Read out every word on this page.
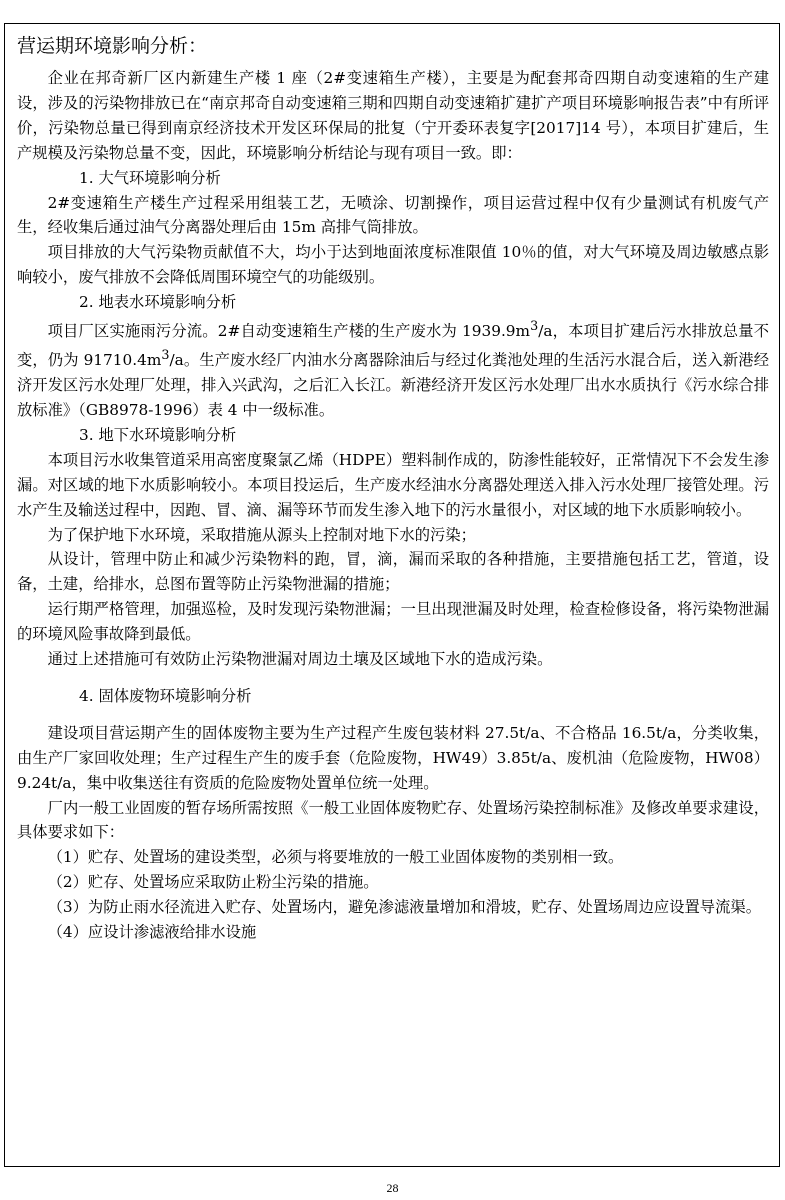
营运期环境影响分析：

企业在邦奇新厂区内新建生产楼 1 座（2#变速箱生产楼），主要是为配套邦奇四期自动变速箱的生产建设，涉及的污染物排放已在“南京邦奇自动变速箱三期和四期自动变速箱扩建扩产项目环境影响报告表”中有所评价，污染物总量已得到南京经济技术开发区环保局的批复（宁开委环表复字[2017]14 号），本项目扩建后，生产规模及污染物总量不变，因此，环境影响分析结论与现有项目一致。即：

1. 大气环境影响分析

2#变速箱生产楼生产过程采用组装工艺，无喷涂、切割操作，项目运营过程中仅有少量测试有机废气产生，经收集后通过油气分离器处理后由 15m 高排气筒排放。

项目排放的大气污染物贡献值不大，均小于达到地面浓度标准限值 10％的值，对大气环境及周边敏感点影响较小，废气排放不会降低周围环境空气的功能级别。

2. 地表水环境影响分析

项目厂区实施雨污分流。2#自动变速箱生产楼的生产废水为 $1939.9m^3/a$，本项目扩建后污水排放总量不变，仍为 $91710.4m^3/a$。生产废水经厂内油水分离器除油后与经过化粪池处理的生活污水混合后，送入新港经济开发区污水处理厂处理，排入兴武沟，之后汇入长江。新港经济开发区污水处理厂出水水质执行《污水综合排放标准》（GB8978-1996）表 4 中一级标准。

3. 地下水环境影响分析

本项目污水收集管道采用高密度聚氯乙烯（HDPE）塑料制作成的，防渗性能较好，正常情况下不会发生渗漏。对区域的地下水质影响较小。本项目投运后，生产废水经油水分离器处理送入排入污水处理厂接管处理。污水产生及输送过程中，因跑、冒、滴、漏等环节而发生渗入地下的污水量很小，对区域的地下水质影响较小。

为了保护地下水环境，采取措施从源头上控制对地下水的污染；

从设计，管理中防止和减少污染物料的跑，冒，滴，漏而采取的各种措施，主要措施包括工艺，管道，设备，土建，给排水，总图布置等防止污染物泄漏的措施；

运行期严格管理，加强巡检，及时发现污染物泄漏；一旦出现泄漏及时处理，检查检修设备，将污染物泄漏的环境风险事故降到最低。

通过上述措施可有效防止污染物泄漏对周边土壤及区域地下水的造成污染。

4. 固体废物环境影响分析

建设项目营运期产生的固体废物主要为生产过程产生废包装材料 27.5t/a、不合格品 16.5t/a，分类收集，由生产厂家回收处理；生产过程生产生的废手套（危险废物，HW49）3.85t/a、废机油（危险废物，HW08）9.24t/a，集中收集送往有资质的危险废物处置单位统一处理。

厂内一般工业固废的暂存场所需按照《一般工业固体废物贮存、处置场污染控制标准》及修改单要求建设，具体要求如下：

（1）贮存、处置场的建设类型，必须与将要堆放的一般工业固体废物的类别相一致。

（2）贮存、处置场应采取防止粉尘污染的措施。

（3）为防止雨水径流进入贮存、处置场内，避免渗滤液量增加和滑坡，贮存、处置场周边应设置导流渠。

（4）应设计渗滤液给排水设施

28
